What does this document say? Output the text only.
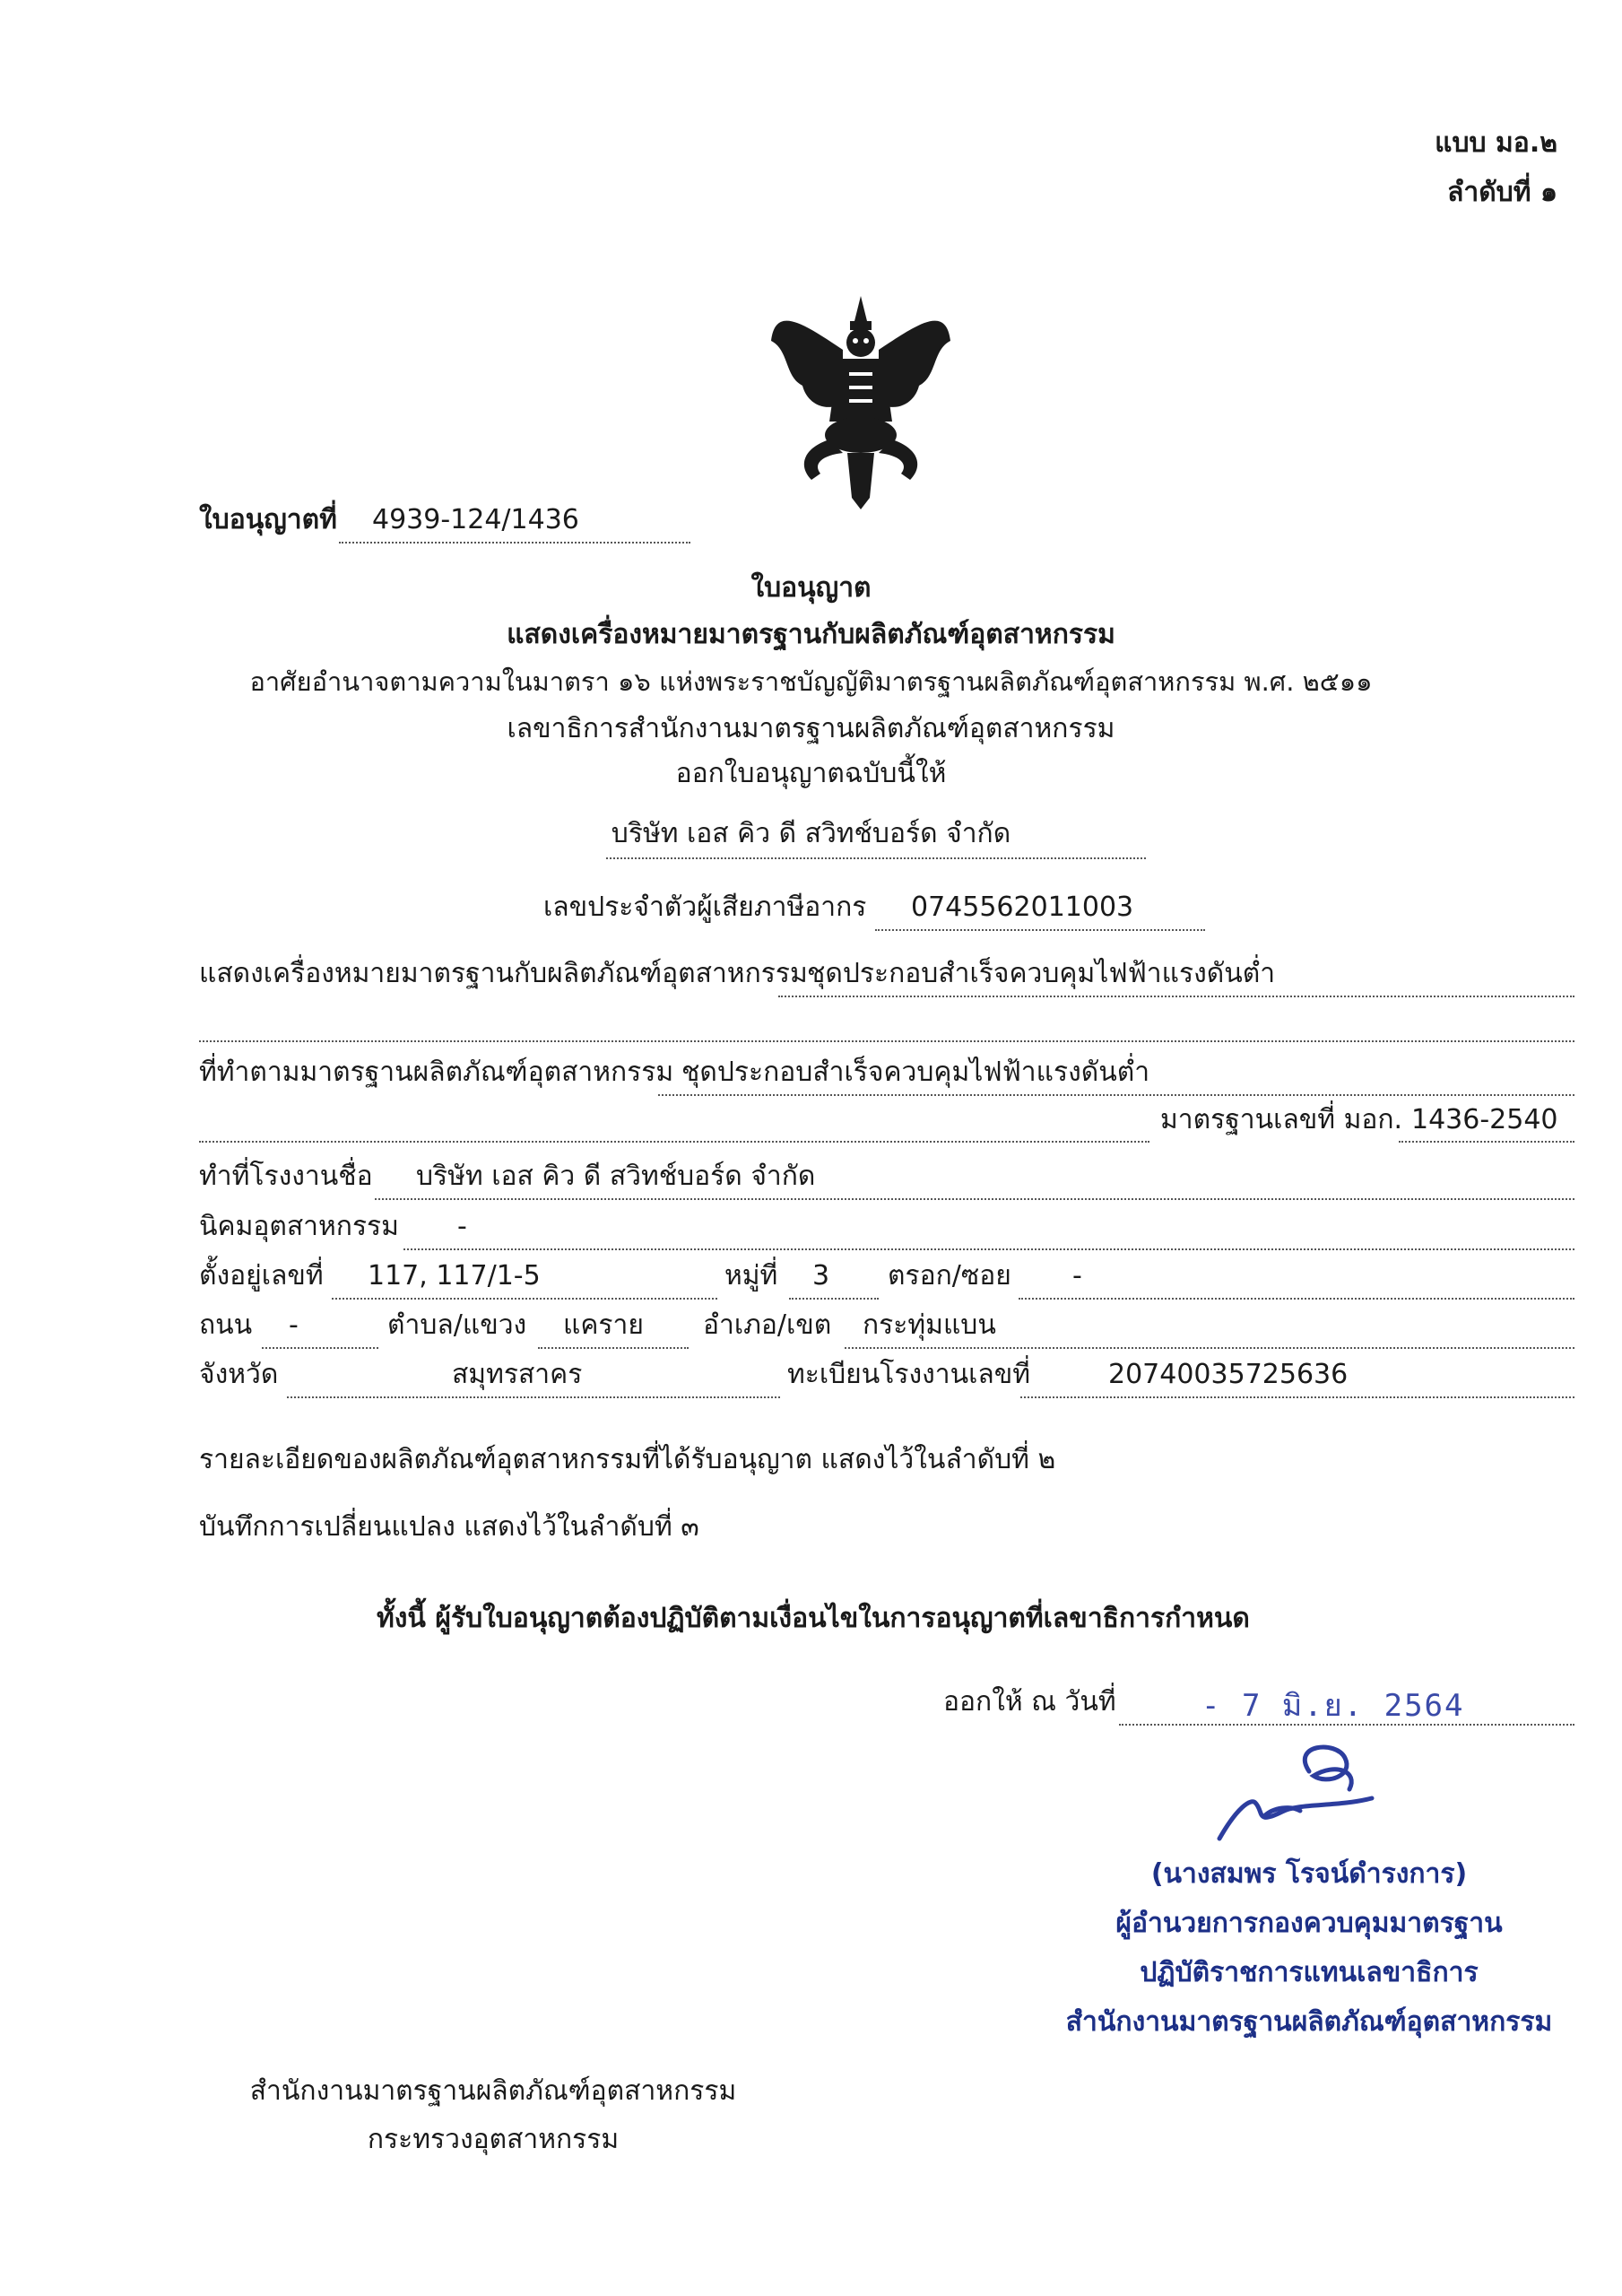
แบบ มอ.๒
ลำดับที่ ๑
ใบอนุญาตที่ 4939-124/1436
ใบอนุญาต
แสดงเครื่องหมายมาตรฐานกับผลิตภัณฑ์อุตสาหกรรม
อาศัยอำนาจตามความในมาตรา ๑๖ แห่งพระราชบัญญัติมาตรฐานผลิตภัณฑ์อุตสาหกรรม พ.ศ. ๒๕๑๑
เลขาธิการสำนักงานมาตรฐานผลิตภัณฑ์อุตสาหกรรม
ออกใบอนุญาตฉบับนี้ให้
บริษัท เอส คิว ดี สวิทช์บอร์ด จำกัด
เลขประจำตัวผู้เสียภาษีอากร 0745562011003
แสดงเครื่องหมายมาตรฐานกับผลิตภัณฑ์อุตสาหกรรม ชุดประกอบสำเร็จควบคุมไฟฟ้าแรงดันต่ำ
ที่ทำตามมาตรฐานผลิตภัณฑ์อุตสาหกรรม ชุดประกอบสำเร็จควบคุมไฟฟ้าแรงดันต่ำ
มาตรฐานเลขที่ มอก. 1436-2540
ทำที่โรงงานชื่อ บริษัท เอส คิว ดี สวิทช์บอร์ด จำกัด
นิคมอุตสาหกรรม -
ตั้งอยู่เลขที่ 117, 117/1-5	หมู่ที่ 3 ตรอก/ซอย -
ถนน -	ตำบล/แขวง แคราย อำเภอ/เขต กระทุ่มแบน
จังหวัด	สมุทรสาคร	ทะเบียนโรงงานเลขที่	20740035725636
รายละเอียดของผลิตภัณฑ์อุตสาหกรรมที่ได้รับอนุญาต แสดงไว้ในลำดับที่ ๒
บันทึกการเปลี่ยนแปลง แสดงไว้ในลำดับที่ ๓
ทั้งนี้ ผู้รับใบอนุญาตต้องปฏิบัติตามเงื่อนไขในการอนุญาตที่เลขาธิการกำหนด
ออกให้ ณ วันที่	- 7 มิ.ย. 2564
(นางสมพร โรจน์ดำรงการ)
ผู้อำนวยการกองควบคุมมาตรฐาน
ปฏิบัติราชการแทนเลขาธิการ
สำนักงานมาตรฐานผลิตภัณฑ์อุตสาหกรรม
สำนักงานมาตรฐานผลิตภัณฑ์อุตสาหกรรม
กระทรวงอุตสาหกรรม
